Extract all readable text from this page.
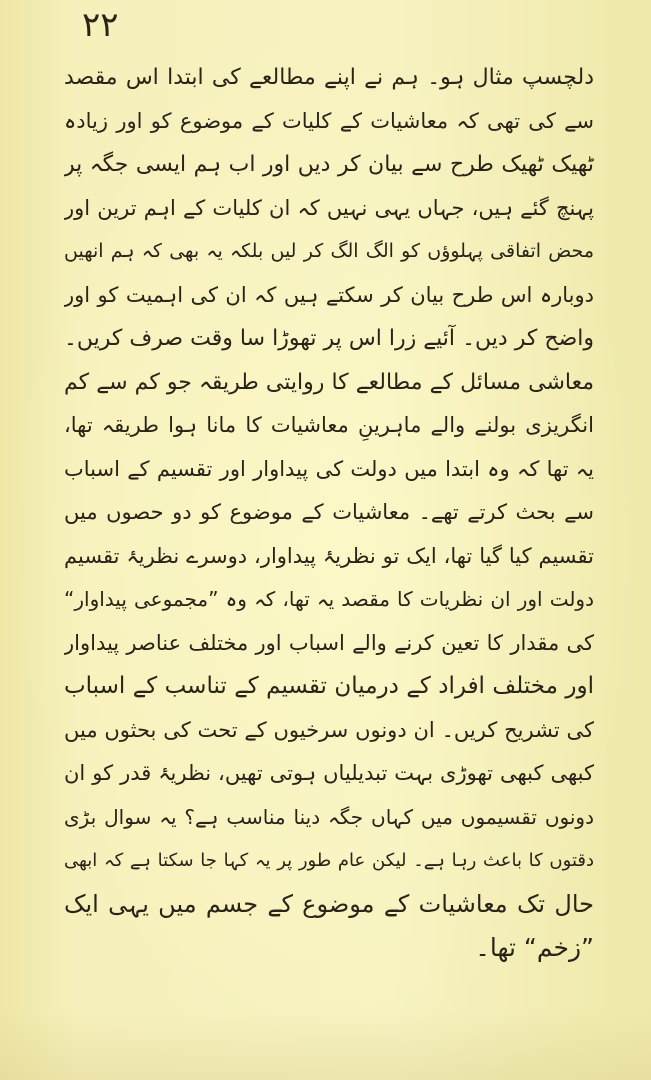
۲۲
دلچسپ مثال ہو۔ ہم نے اپنے مطالعے کی ابتدا اس مقصد
سے کی تھی کہ معاشیات کے کلیات کے موضوع کو اور زیادہ
ٹھیک ٹھیک طرح سے بیان کر دیں اور اب ہم ایسی جگہ پر
پہنچ گئے ہیں، جہاں یہی نہیں کہ ان کلیات کے اہم ترین اور
محض اتفاقی پہلوؤں کو الگ الگ کر لیں بلکہ یہ بھی کہ ہم انھیں
دوبارہ اس طرح بیان کر سکتے ہیں کہ ان کی اہمیت کو اور
واضح کر دیں۔ آئیے زرا اس پر تھوڑا سا وقت صرف کریں۔
معاشی مسائل کے مطالعے کا روایتی طریقہ جو کم سے کم
انگریزی بولنے والے ماہرینِ معاشیات کا مانا ہوا طریقہ تھا،
یہ تھا کہ وہ ابتدا میں دولت کی پیداوار اور تقسیم کے اسباب
سے بحث کرتے تھے۔ معاشیات کے موضوع کو دو حصوں میں
تقسیم کیا گیا تھا، ایک تو نظریۂ پیداوار، دوسرے نظریۂ تقسیم
دولت اور ان نظریات کا مقصد یہ تھا، کہ وہ ”مجموعی پیداوار“
کی مقدار کا تعین کرنے والے اسباب اور مختلف عناصر پیداوار
اور مختلف افراد کے درمیان تقسیم کے تناسب کے اسباب
کی تشریح کریں۔ ان دونوں سرخیوں کے تحت کی بحثوں میں
کبھی کبھی تھوڑی بہت تبدیلیاں ہوتی تھیں، نظریۂ قدر کو ان
دونوں تقسیموں میں کہاں جگہ دینا مناسب ہے؟ یہ سوال بڑی
دقتوں کا باعث رہا ہے۔ لیکن عام طور پر یہ کہا جا سکتا ہے کہ ابھی
حال تک معاشیات کے موضوع کے جسم میں یہی ایک
”زخم“ تھا۔
